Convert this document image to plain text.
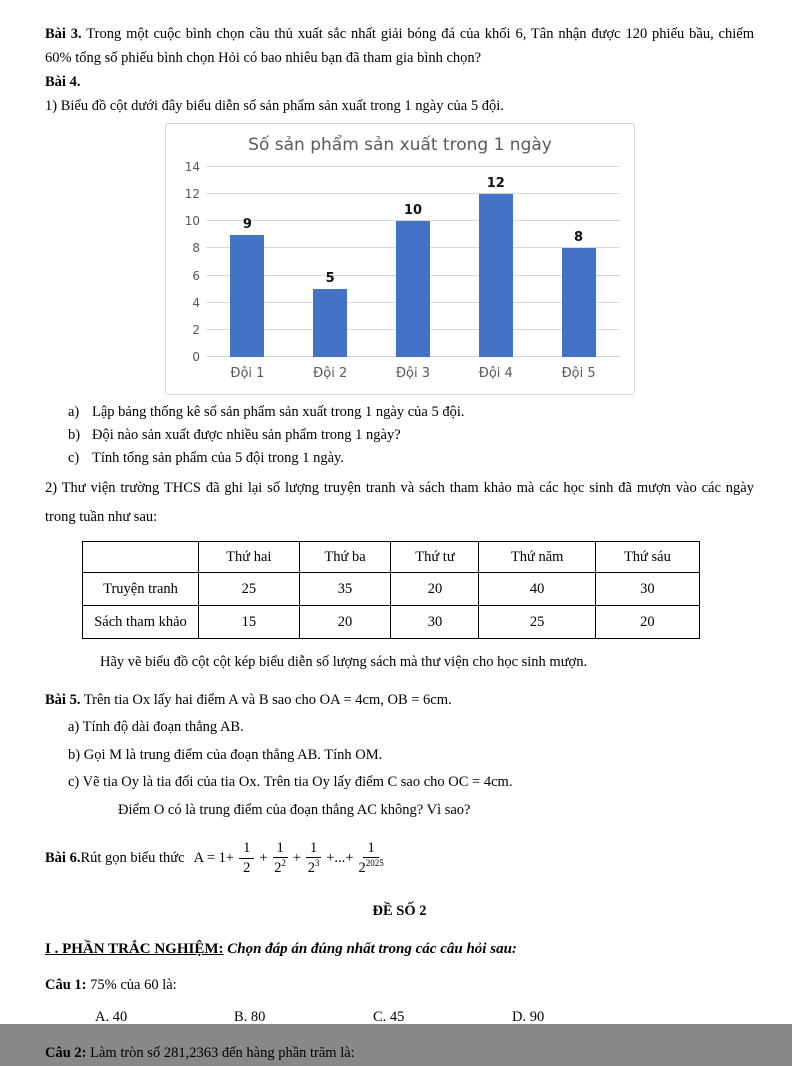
Bài 3. Trong một cuộc bình chọn cầu thủ xuất sắc nhất giải bóng đá của khối 6, Tân nhận được 120 phiếu bầu, chiếm 60% tổng số phiếu bình chọn Hỏi có bao nhiêu bạn đã tham gia bình chọn?

Bài 4.

1) Biểu đồ cột dưới đây biểu diễn số sản phẩm sản xuất trong 1 ngày của 5 đội.

Số sản phẩm sản xuất trong 1 ngày
0
2
4
6
8
10
12
14
9
5
10
12
8
Đội 1	Đội 2	Đội 3	Đội 4	Đội 5
a) Lập bảng thống kê số sản phẩm sản xuất trong 1 ngày của 5 đội.
b) Đội nào sản xuất được nhiều sản phẩm trong 1 ngày?
c) Tính tổng sản phẩm của 5 đội trong 1 ngày.

2) Thư viện trường THCS đã ghi lại số lượng truyện tranh và sách tham khảo mà các học sinh đã mượn vào các ngày trong tuần như sau:

	Thứ hai	Thứ ba	Thứ tư	Thứ năm	Thứ sáu
Truyện tranh	25	35	20	40	30
Sách tham khảo	15	20	30	25	20

Hãy vẽ biểu đồ cột cột kép biểu diễn số lượng sách mà thư viện cho học sinh mượn.

Bài 5. Trên tia Ox lấy hai điểm A và B sao cho OA = 4cm, OB = 6cm.

a) Tính độ dài đoạn thẳng AB.
b) Gọi M là trung điểm của đoạn thẳng AB. Tính OM.
c) Vẽ tia Oy là tia đối của tia Ox. Trên tia Oy lấy điểm C sao cho OC = 4cm.
Điểm O có là trung điểm của đoạn thẳng AC không? Vì sao?
Bài 6. Rút gọn biểu thức $A = 1+ \frac{1}{2} + \frac{1}{2^2} + \frac{1}{2^3}$ +...+ $\frac{1}{2^{2025}}$

ĐỀ SỐ 2

I . PHẦN TRẮC NGHIỆM: Chọn đáp án đúng nhất trong các câu hỏi sau:

Câu 1: 75% của 60 là:

A. 40	B. 80	C. 45	D. 90

Câu 2: Làm tròn số 281,2363 đến hàng phần trăm là:
